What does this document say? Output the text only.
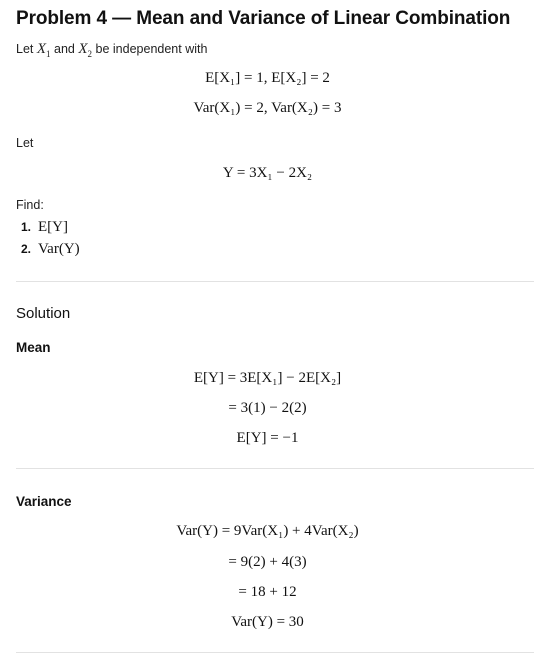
Problem 4 — Mean and Variance of Linear Combination
Let $X_1$ and $X_2$ be independent with
E[X₁] = 1, E[X₂] = 2
Var(X₁) = 2, Var(X₂) = 3
Let
Y = 3X₁ − 2X₂
Find:
1. E[Y]
2. Var(Y)
Solution
Mean
E[Y] = 3E[X₁] − 2E[X₂]
= 3(1) − 2(2)
E[Y] = −1
Variance
Var(Y) = 9Var(X₁) + 4Var(X₂)
= 9(2) + 4(3)
= 18 + 12
Var(Y) = 30
